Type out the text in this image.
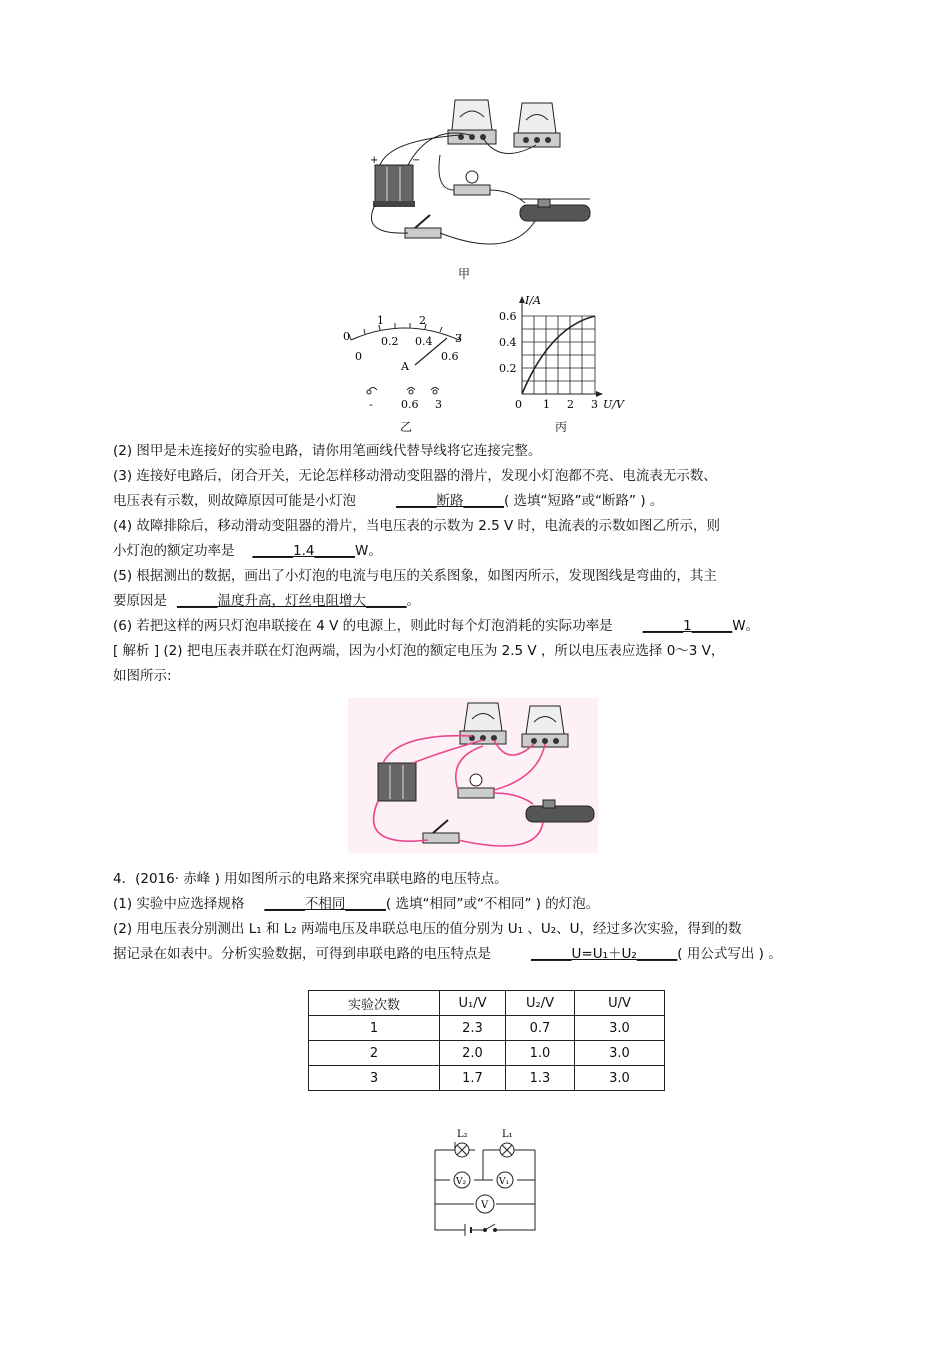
+	−
甲
0
1	2
3
0
0.2 0.4
0.6
A
-	0.6 3
乙
I/A
U/V
0.6
0.4
0.2
0 1 2 3
丙
(2) 图甲是未连接好的实验电路，请你用笔画线代替导线将它连接完整。
(3) 连接好电路后，闭合开关，无论怎样移动滑动变阻器的滑片，发现小灯泡都不亮、电流表无示数、
电压表有示数，则故障原因可能是小灯泡	______断路______( 选填“短路”或“断路” ) 。
(4) 故障排除后，移动滑动变阻器的滑片，当电压表的示数为 2.5 V 时，电流表的示数如图乙所示，则
小灯泡的额定功率是 ______1.4______W。
(5) 根据测出的数据，画出了小灯泡的电流与电压的关系图象，如图丙所示，发现图线是弯曲的，其主
要原因是 ______温度升高，灯丝电阻增大______。
(6) 若把这样的两只灯泡串联接在 4 V 的电源上，则此时每个灯泡消耗的实际功率是 ______1______W。
[ 解析 ] (2) 把电压表并联在灯泡两端，因为小灯泡的额定电压为 2.5 V ，所以电压表应选择 0～3 V，
如图所示:
4．(2016· 赤峰 ) 用如图所示的电路来探究串联电路的电压特点。
(1) 实验中应选择规格 ______不相同______( 选填“相同”或“不相同” ) 的灯泡。
(2) 用电压表分别测出 L₁ 和 L₂ 两端电压及串联总电压的值分别为 U₁ 、U₂、U，经过多次实验，得到的数
据记录在如表中。分析实验数据，可得到串联电路的电压特点是	______U=U₁＋U₂______( 用公式写出 ) 。
实验次数	U₁/V	U₂/V	U/V
1	2.3	0.7	3.0
2	2.0	1.0	3.0
3	1.7	1.3	3.0
L₂	L₁
V₂	V₁
V
